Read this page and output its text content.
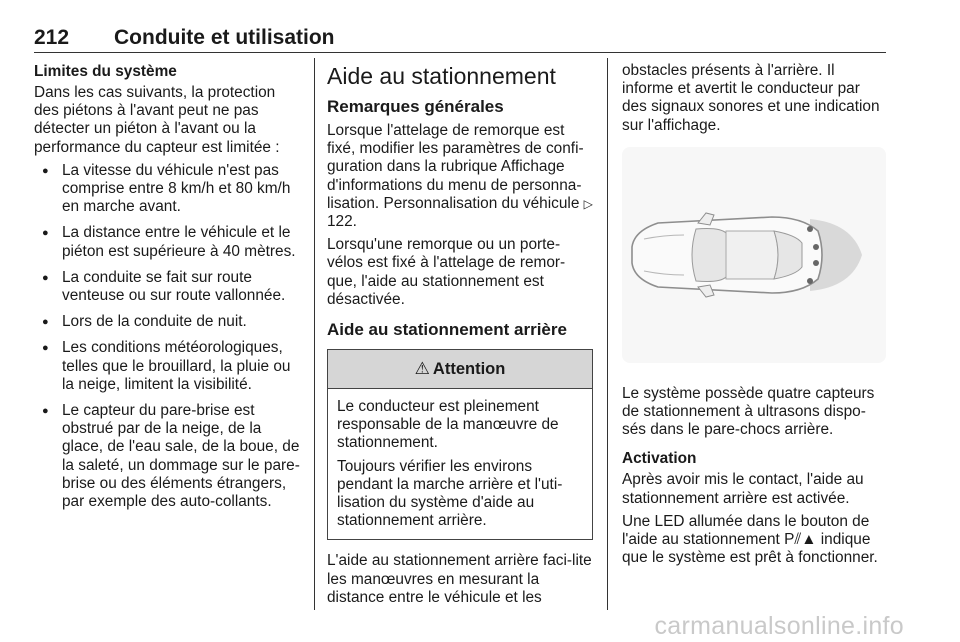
212 Conduite et utilisation
Limites du système

Dans les cas suivants, la protection des piétons à l'avant peut ne pas détecter un piéton à l'avant ou la performance du capteur est limitée :

● La vitesse du véhicule n'est pas comprise entre 8 km/h et 80 km/h en marche avant.
● La distance entre le véhicule et le piéton est supérieure à 40 mètres.
● La conduite se fait sur route venteuse ou sur route vallonnée.
● Lors de la conduite de nuit.
● Les conditions météorologiques, telles que le brouillard, la pluie ou la neige, limitent la visibilité.
● Le capteur du pare-brise est obstrué par de la neige, de la glace, de l'eau sale, de la boue, de la saleté, un dommage sur le pare-brise ou des éléments étrangers, par exemple des auto-collants.
Aide au stationnement
Remarques générales

Lorsque l'attelage de remorque est fixé, modifier les paramètres de confi-guration dans la rubrique Affichage d'informations du menu de personna-lisation. Personnalisation du véhicule ▷ 122.

Lorsqu'une remorque ou un porte-vélos est fixé à l'attelage de remor-que, l'aide au stationnement est désactivée.

Aide au stationnement arrière
⚠ Attention

Le conducteur est pleinement responsable de la manœuvre de stationnement.

Toujours vérifier les environs pendant la marche arrière et l'uti-lisation du système d'aide au stationnement arrière.

L'aide au stationnement arrière faci-lite les manœuvres en mesurant la distance entre le véhicule et les

obstacles présents à l'arrière. Il informe et avertit le conducteur par des signaux sonores et une indication sur l'affichage.

Le système possède quatre capteurs de stationnement à ultrasons dispo-sés dans le pare-chocs arrière.

Activation

Après avoir mis le contact, l'aide au stationnement arrière est activée.

Une LED allumée dans le bouton de l'aide au stationnement P⫽▲ indique que le système est prêt à fonctionner.

carmanualsonline.info
